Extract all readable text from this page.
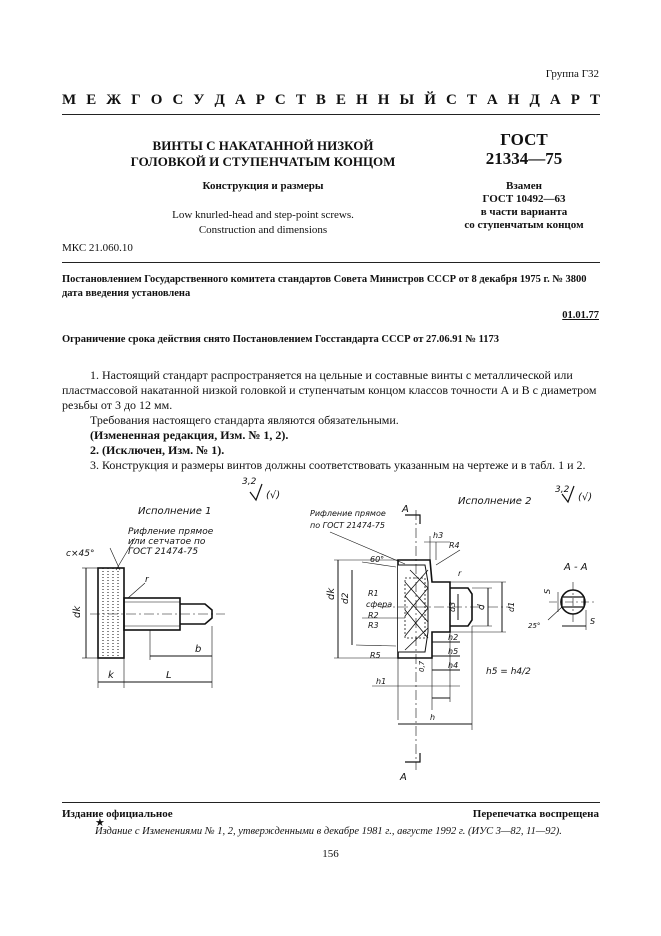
Группа Г32
М Е Ж Г О С У Д А Р С Т В Е Н Н Ы Й С Т А Н Д А Р Т
ВИНТЫ С НАКАТАННОЙ НИЗКОЙ
ГОЛОВКОЙ И СТУПЕНЧАТЫМ КОНЦОМ
Конструкция и размеры
Low knurled-head and step-point screws.
Construction and dimensions
ГОСТ
21334—75
Взамен
ГОСТ 10492—63
в части варианта
со ступенчатым концом
МКС 21.060.10
Постановлением Государственного комитета стандартов Совета Министров СССР от 8 декабря 1975 г. № 3800 дата введения установлена
01.01.77
Ограничение срока действия снято Постановлением Госстандарта СССР от 27.06.91 № 1173

1. Настоящий стандарт распространяется на цельные и составные винты с металлической или пластмассовой накатанной низкой головкой и ступенчатым концом классов точности А и В с диаметром резьбы от 3 до 12 мм.

Требования настоящего стандарта являются обязательными.

(Измененная редакция, Изм. № 1, 2).

2. (Исключен, Изм. № 1).

3. Конструкция и размеры винтов должны соответствовать указанным на чертеже и в табл. 1 и 2.

Исполнение 1
3,2
(√)
Рифление прямое
или сетчатое по
ГОСТ 21474-75
c×45°
r
dk
b
k	L
Исполнение 2
3,2
(√)
А
А
Рифление прямое
по ГОСТ 21474-75
h3
R4
60°
r
dk d2 R1
сфера
R2
R3
d3 d	d1
h2
h5
h4
R5
0,7
h1
h
h5 = h4/2
А - А
S
S
25°
Издание официальное	Перепечатка воспрещена
★
Издание с Изменениями № 1, 2, утвержденными в декабре 1981 г., августе 1992 г. (ИУС 3—82, 11—92).
156
